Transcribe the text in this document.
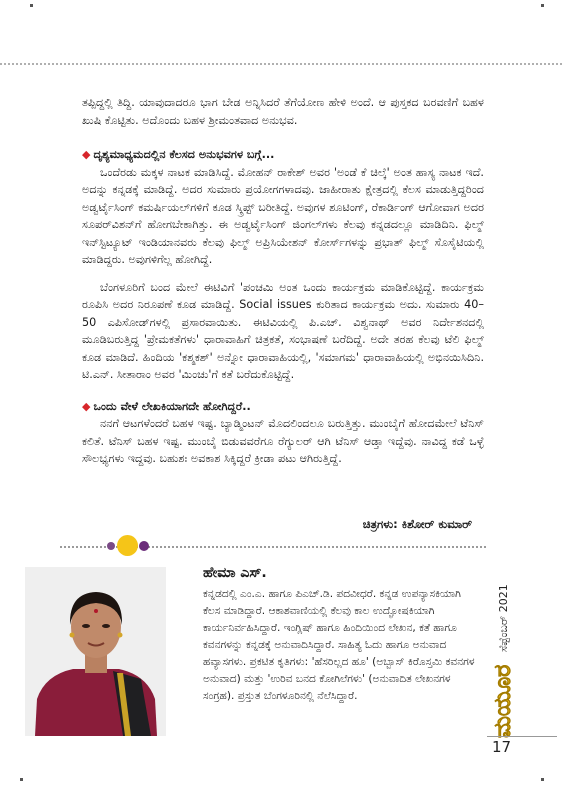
ತಪ್ಪಿದ್ದಲ್ಲಿ ತಿದ್ದಿ. ಯಾವುದಾದರೂ ಭಾಗ ಬೇಡ ಅನ್ನಿಸಿದರೆ ತೆಗೆಯೋಣ ಹೇಳಿ ಅಂದೆ. ಆ ಪುಸ್ತಕದ ಬರವಣಿಗೆ ಬಹಳ ಖುಷಿ ಕೊಟ್ಟಿತು. ಅದೊಂದು ಬಹಳ ಶ್ರೀಮಂತವಾದ ಅನುಭವ.

◆ ದೃಶ್ಯಮಾಧ್ಯಮದಲ್ಲಿನ ಕೆಲಸದ ಅನುಭವಗಳ ಬಗ್ಗೆ...

ಒಂದೆರಡು ಮಕ್ಕಳ ನಾಟಕ ಮಾಡಿಸಿದ್ದೆ. ಮೋಹನ್ ರಾಕೇಶ್ ಅವರ 'ಅಂಡೆ ಕೆ ಚಿಲ್ಕೆ' ಅಂತ ಹಾಸ್ಯ ನಾಟಕ ಇದೆ. ಅದನ್ನು ಕನ್ನಡಕ್ಕೆ ಮಾಡಿದ್ದೆ. ಅದರ ಸುಮಾರು ಪ್ರಯೋಗಗಳಾದವು. ಜಾಹೀರಾತು ಕ್ಷೇತ್ರದಲ್ಲಿ ಕೆಲಸ ಮಾಡುತ್ತಿದ್ದರಿಂದ ಅಡ್ವರ್ಟೈಸಿಂಗ್ ಕಮರ್ಷಿಯಲ್‌ಗಳಿಗೆ ಕೂಡ ಸ್ಕ್ರಿಪ್ಟ್ ಬರೀತಿದ್ದೆ. ಅವುಗಳ ಶೂಟಿಂಗ್, ರೆಕಾರ್ಡಿಂಗ್ ಆಗೋವಾಗ ಅದರ ಸೂಪರ್‌ವಿಶನ್‌ಗೆ ಹೋಗಬೇಕಾಗಿತ್ತು. ಈ ಅಡ್ವರ್ಟೈಸಿಂಗ್ ಜಿಂಗಲ್‌ಗಳು ಕೆಲವು ಕನ್ನಡದಲ್ಲೂ ಮಾಡಿದಿನಿ. ಫಿಲ್ಮ್ ಇನ್‌ಸ್ಟಿಟ್ಯೂಟ್ ಇಂಡಿಯಾನವರು ಕೆಲವು ಫಿಲ್ಮ್ ಅಪ್ರಿಸಿಯೇಶನ್ ಕೋರ್ಸ್‌ಗಳನ್ನು ಪ್ರಭಾತ್ ಫಿಲ್ಮ್ ಸೊಸೈಟಿಯಲ್ಲಿ ಮಾಡಿದ್ದರು. ಅವುಗಳಿಗೆಲ್ಲ ಹೋಗಿದ್ದೆ.

ಬೆಂಗಳೂರಿಗೆ ಬಂದ ಮೇಲೆ ಈಟಿವಿಗೆ 'ಪಂಚಮಿ ಅಂತ ಒಂದು ಕಾರ್ಯಕ್ರಮ ಮಾಡಿಕೊಟ್ಟಿದ್ದೆ. ಕಾರ್ಯಕ್ರಮ ರೂಪಿಸಿ ಅದರ ನಿರೂಪಣೆ ಕೂಡ ಮಾಡಿದ್ದೆ. Social issues ಕುರಿತಾದ ಕಾರ್ಯಕ್ರಮ ಅದು. ಸುಮಾರು 40–50 ಎಪಿಸೋಡ್‌ಗಳಲ್ಲಿ ಪ್ರಸಾರವಾಯಿತು. ಈಟಿವಿಯಲ್ಲಿ ಪಿ.ಎಚ್. ವಿಶ್ವನಾಥ್ ಅವರ ನಿರ್ದೇಶನದಲ್ಲಿ ಮೂಡಿಬರುತ್ತಿದ್ದ 'ಪ್ರೇಮಕತೆಗಳು' ಧಾರಾವಾಹಿಗೆ ಚಿತ್ರಕತೆ, ಸಂಭಾಷಣೆ ಬರೆದಿದ್ದೆ. ಅದೇ ತರಹ ಕೆಲವು ಟೆಲಿ ಫಿಲ್ಮ್ ಕೂಡ ಮಾಡಿದೆ. ಹಿಂದಿಯ 'ಕಶ್ಮಕಶ್' ಅನ್ನೋ ಧಾರಾವಾಹಿಯಲ್ಲಿ, 'ಸಮಾಗಮ' ಧಾರಾವಾಹಿಯಲ್ಲಿ ಅಭಿನಯಿಸಿದಿನಿ. ಟಿ.ಎನ್. ಸೀತಾರಾಂ ಅವರ 'ಮಿಂಚು'ಗೆ ಕತೆ ಬರೆದುಕೊಟ್ಟಿದ್ದೆ.

◆ ಒಂದು ವೇಳೆ ಲೇಖಕಿಯಾಗದೇ ಹೋಗಿದ್ದರೆ..

ನನಗೆ ಆಟಗಳೆಂದರೆ ಬಹಳ ಇಷ್ಟ. ಬ್ಯಾಡ್ಮಿಂಟನ್ ಮೊದಲಿಂದಲೂ ಬರುತ್ತಿತ್ತು. ಮುಂಬೈಗೆ ಹೋದಮೇಲೆ ಟೆನಿಸ್ ಕಲಿತೆ. ಟೆನಿಸ್ ಬಹಳ ಇಷ್ಟ. ಮುಂಬೈ ಬಿಡುವವರೆಗೂ ರೆಗ್ಯುಲರ್ ಆಗಿ ಟೆನಿಸ್ ಆಡ್ತಾ ಇದ್ದೆವು. ನಾವಿದ್ದ ಕಡೆ ಒಳ್ಳೆ ಸೌಲಭ್ಯಗಳು ಇದ್ದವು. ಬಹುಶಃ ಅವಕಾಶ ಸಿಕ್ಕಿದ್ದರೆ ಕ್ರೀಡಾ ಪಟು ಆಗಿರುತ್ತಿದ್ದೆ.

ಚಿತ್ರಗಳು: ಕಿಶೋರ್ ಕುಮಾರ್
ಹೇಮಾ ಎಸ್.
ಕನ್ನಡದಲ್ಲಿ ಎಂ.ಎ. ಹಾಗೂ ಪಿಎಚ್.ಡಿ. ಪದವೀಧರೆ. ಕನ್ನಡ ಉಪನ್ಯಾಸಕಿಯಾಗಿ ಕೆಲಸ ಮಾಡಿದ್ದಾರೆ. ಆಕಾಶವಾಣಿಯಲ್ಲಿ ಕೆಲವು ಕಾಲ ಉದ್ಘೋಷಕಿಯಾಗಿ ಕಾರ್ಯನಿರ್ವಹಿಸಿದ್ದಾರೆ. ಇಂಗ್ಲಿಷ್ ಹಾಗೂ ಹಿಂದಿಯಿಂದ ಲೇಖನ, ಕತೆ ಹಾಗೂ ಕವನಗಳನ್ನು ಕನ್ನಡಕ್ಕೆ ಅನುವಾದಿಸಿದ್ದಾರೆ. ಸಾಹಿತ್ಯ ಓದು ಹಾಗೂ ಅನುವಾದ ಹವ್ಯಾಸಗಳು. ಪ್ರಕಟಿತ ಕೃತಿಗಳು: 'ಹೆಸರಿಲ್ಲದ ಹೂ' (ಅಬ್ಬಾಸ್ ಕಿರೊಸ್ತಮಿ ಕವನಗಳ ಅನುವಾದ) ಮತ್ತು 'ಉರಿವ ಬನದ ಕೋಗಿಲೆಗಳು' (ಅನುವಾದಿತ ಲೇಖನಗಳ ಸಂಗ್ರಹ). ಪ್ರಸ್ತುತ ಬೆಂಗಳೂರಿನಲ್ಲಿ ನೆಲೆಸಿದ್ದಾರೆ.
ಸೆಪ್ಟೆಂಬರ್ 2021
ಮಯೂರ
17
